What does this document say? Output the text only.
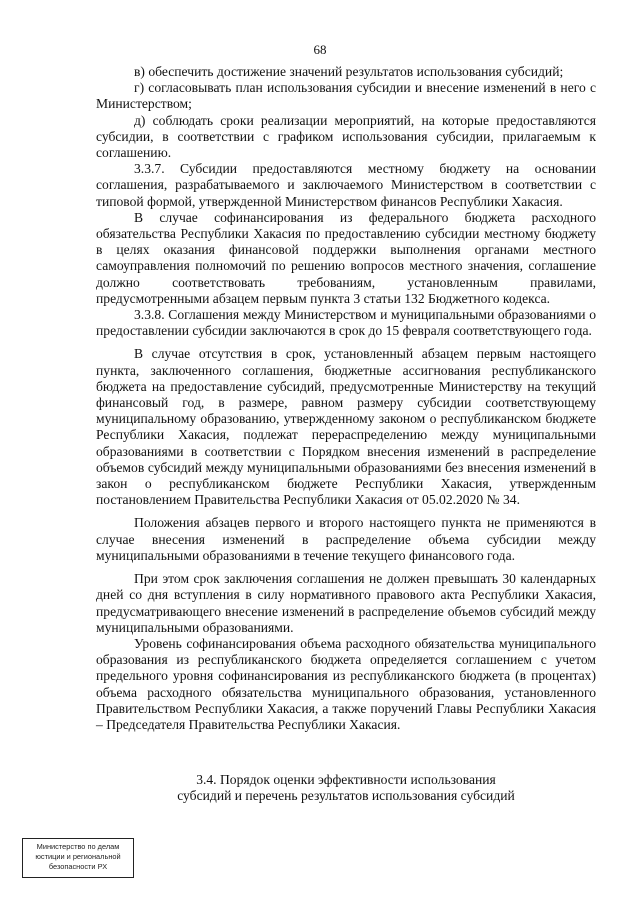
68

в) обеспечить достижение значений результатов использования субсидий;

г) согласовывать план использования субсидии и внесение изменений в него с Министерством;

д) соблюдать сроки реализации мероприятий, на которые предоставляются субсидии, в соответствии с графиком использования субсидии, прилагаемым к соглашению.

3.3.7. Субсидии предоставляются местному бюджету на основании соглашения, разрабатываемого и заключаемого Министерством в соответствии с типовой формой, утвержденной Министерством финансов Республики Хакасия.

В случае софинансирования из федерального бюджета расходного обязательства Республики Хакасия по предоставлению субсидии местному бюджету в целях оказания финансовой поддержки выполнения органами местного самоуправления полномочий по решению вопросов местного значения, соглашение должно соответствовать требованиям, установленным правилами, предусмотренными абзацем первым пункта 3 статьи 132 Бюджетного кодекса.

3.3.8. Соглашения между Министерством и муниципальными образованиями о предоставлении субсидии заключаются в срок до 15 февраля соответствующего года.

В случае отсутствия в срок, установленный абзацем первым настоящего пункта, заключенного соглашения, бюджетные ассигнования республиканского бюджета на предоставление субсидий, предусмотренные Министерству на текущий финансовый год, в размере, равном размеру субсидии соответствующему муниципальному образованию, утвержденному законом о республиканском бюджете Республики Хакасия, подлежат перераспределению между муниципальными образованиями в соответствии с Порядком внесения изменений в распределение объемов субсидий между муниципальными образованиями без внесения изменений в закон о республиканском бюджете Республики Хакасия, утвержденным постановлением Правительства Республики Хакасия от 05.02.2020 № 34.

Положения абзацев первого и второго настоящего пункта не применяются в случае внесения изменений в распределение объема субсидии между муниципальными образованиями в течение текущего финансового года.

При этом срок заключения соглашения не должен превышать 30 календарных дней со дня вступления в силу нормативного правового акта Республики Хакасия, предусматривающего внесение изменений в распределение объемов субсидий между муниципальными образованиями.

Уровень софинансирования объема расходного обязательства муниципального образования из республиканского бюджета определяется соглашением с учетом предельного уровня софинансирования из республиканского бюджета (в процентах) объема расходного обязательства муниципального образования, установленного Правительством Республики Хакасия, а также поручений Главы Республики Хакасия – Председателя Правительства Республики Хакасия.

3.4. Порядок оценки эффективности использования
субсидий и перечень результатов использования субсидий
Министерство по делам
юстиции и региональной
безопасности РХ
